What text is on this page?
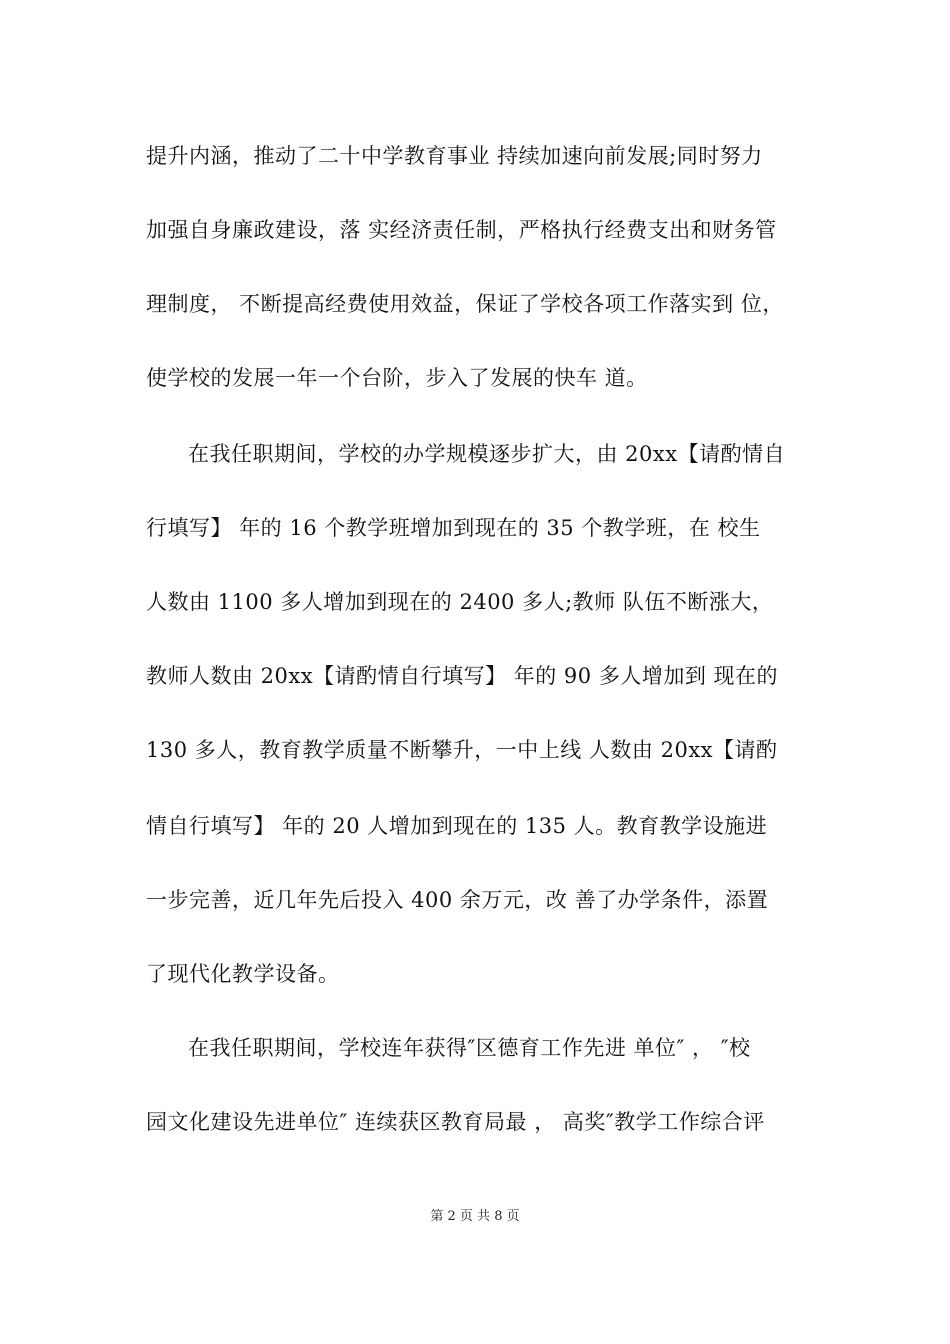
提升内涵，推动了二十中学教育事业 持续加速向前发展;同时努力
加强自身廉政建设，落 实经济责任制，严格执行经费支出和财务管
理制度， 不断提高经费使用效益，保证了学校各项工作落实到 位，
使学校的发展一年一个台阶，步入了发展的快车 道。
在我任职期间，学校的办学规模逐步扩大，由 20xx【请酌情自
行填写】 年的 16 个教学班增加到现在的 35 个教学班，在 校生
人数由 1100 多人增加到现在的 2400 多人;教师 队伍不断涨大，
教师人数由 20xx【请酌情自行填写】 年的 90 多人增加到 现在的
130 多人，教育教学质量不断攀升，一中上线 人数由 20xx【请酌
情自行填写】 年的 20 人增加到现在的 135 人。教育教学设施进
一步完善，近几年先后投入 400 余万元，改 善了办学条件，添置
了现代化教学设备。
在我任职期间，学校连年获得″区德育工作先进 单位″ ， ″校
园文化建设先进单位″ 连续获区教育局最 ， 高奖″教学工作综合评
第 2 页 共 8 页
